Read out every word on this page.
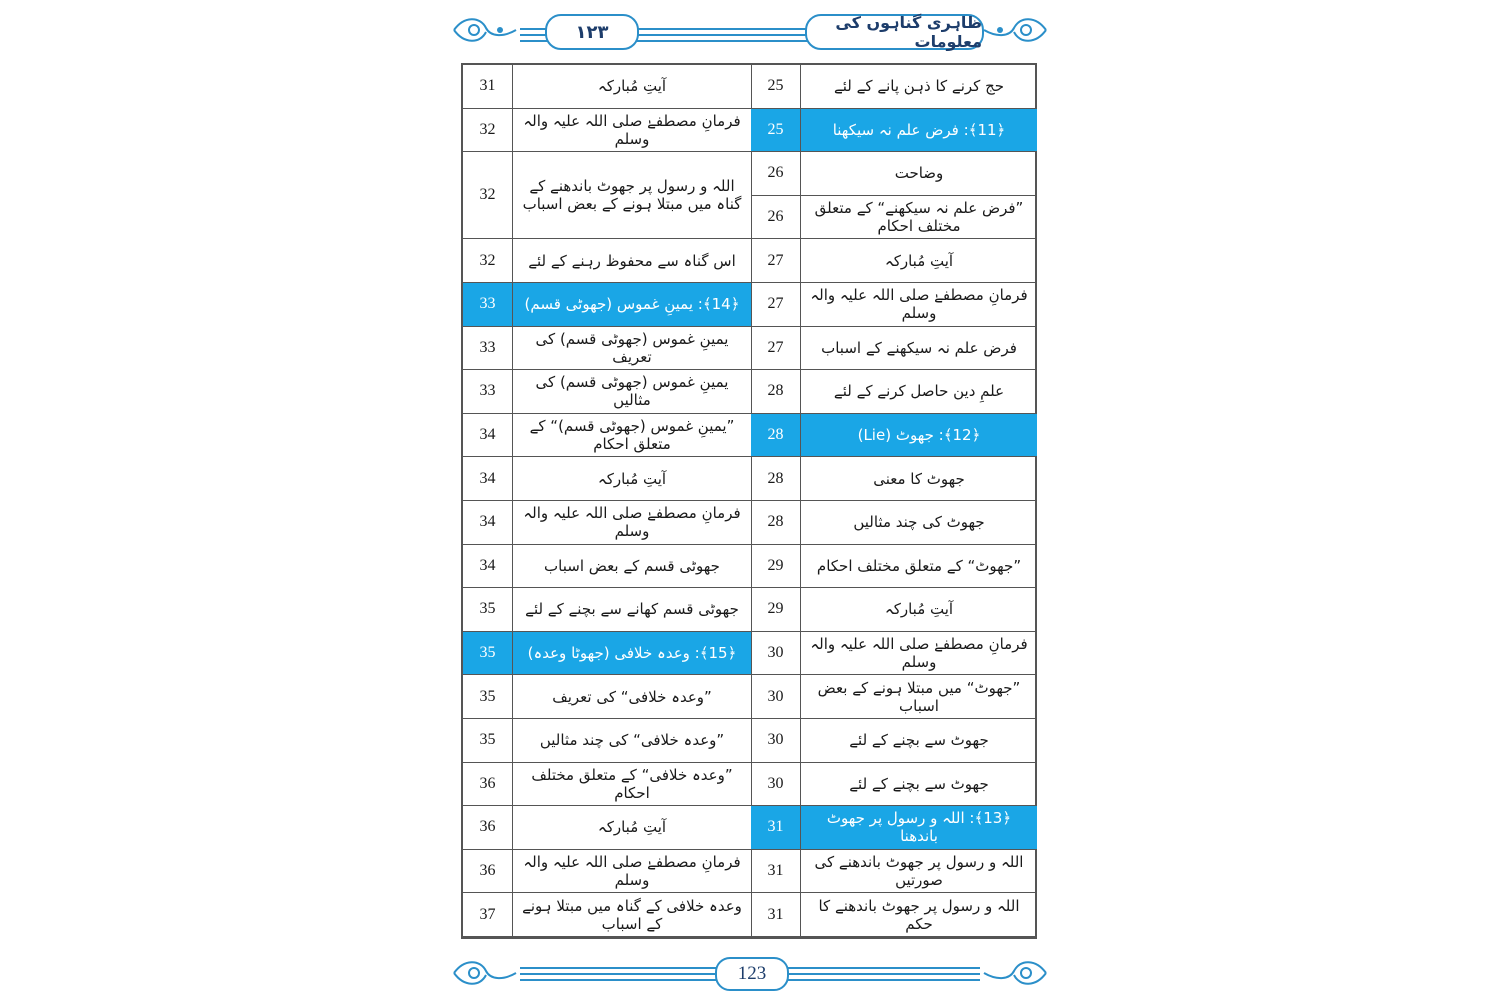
۱۲۳	ظاہری گناہوں کی معلومات
آیتِ مُبارکہ
31
فرمانِ مصطفےٰ صلی اللہ علیہ والہ وسلم
32
اللہ و رسول پر جھوٹ باندھنے کے گناہ میں مبتلا ہونے کے بعض اسباب
32
اس گناہ سے محفوظ رہنے کے لئے
32
﴿14﴾: یمینِ غموس (جھوٹی قسم)
33
یمینِ غموس (جھوٹی قسم) کی تعریف
33
یمینِ غموس (جھوٹی قسم) کی مثالیں
33
”یمینِ غموس (جھوٹی قسم)“ کے متعلق احکام
34
آیتِ مُبارکہ
34
فرمانِ مصطفےٰ صلی اللہ علیہ والہ وسلم
34
جھوٹی قسم کے بعض اسباب
34
جھوٹی قسم کھانے سے بچنے کے لئے
35
﴿15﴾: وعدہ خلافی (جھوٹا وعدہ)
35
”وعدہ خلافی“ کی تعریف
35
”وعدہ خلافی“ کی چند مثالیں
35
”وعدہ خلافی“ کے متعلق مختلف احکام
36
آیتِ مُبارکہ
36
فرمانِ مصطفےٰ صلی اللہ علیہ والہ وسلم
36
وعدہ خلافی کے گناہ میں مبتلا ہونے کے اسباب
37
حج کرنے کا ذہن پانے کے لئے
25
﴿11﴾: فرض علم نہ سیکھنا
25
وضاحت
26
”فرض علم نہ سیکھنے“ کے متعلق مختلف احکام
26
آیتِ مُبارکہ
27
فرمانِ مصطفےٰ صلی اللہ علیہ والہ وسلم
27
فرض علم نہ سیکھنے کے اسباب
27
علمِ دین حاصل کرنے کے لئے
28
﴿12﴾: جھوٹ (Lie)
28
جھوٹ کا معنی
28
جھوٹ کی چند مثالیں
28
”جھوٹ“ کے متعلق مختلف احکام
29
آیتِ مُبارکہ
29
فرمانِ مصطفےٰ صلی اللہ علیہ والہ وسلم
30
”جھوٹ“ میں مبتلا ہونے کے بعض اسباب
30
جھوٹ سے بچنے کے لئے
30
جھوٹ سے بچنے کے لئے
30
﴿13﴾: اللہ و رسول پر جھوٹ باندھنا
31
اللہ و رسول پر جھوٹ باندھنے کی صورتیں
31
اللہ و رسول پر جھوٹ باندھنے کا حکم
31
123
